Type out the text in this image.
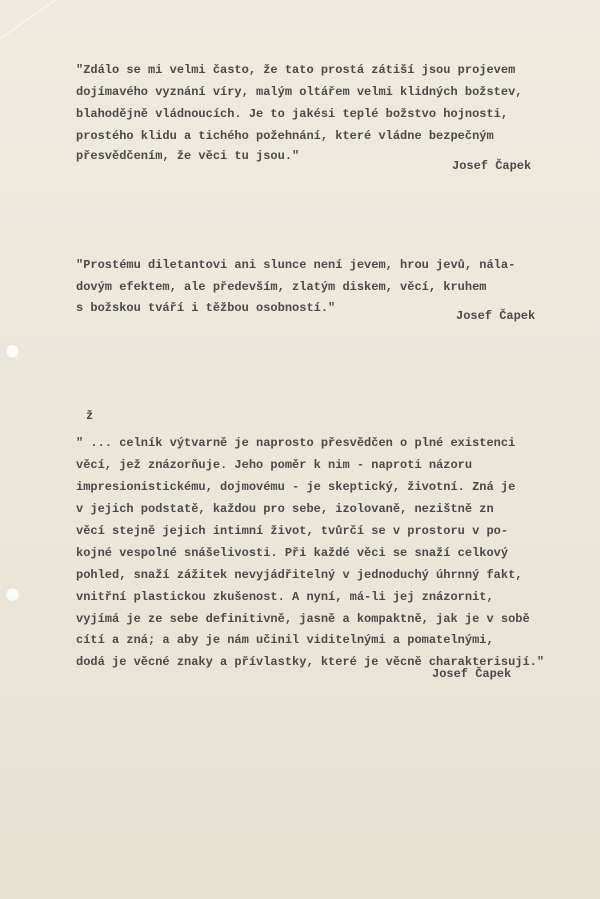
"Zdálo se mi velmi často, že tato prostá zátiší jsou projevem
dojímavého vyznání víry, malým oltářem velmi klidných božstev,
blahodějně vládnoucích. Je to jakési teplé božstvo hojnosti,
prostého klidu a tichého požehnání, které vládne bezpečným
přesvědčením, že věci tu jsou."
Josef Čapek
"Prostému diletantovi ani slunce není jevem, hrou jevů, nála-
dovým efektem, ale především, zlatým diskem, věcí, kruhem
s božskou tváří i těžbou osobností."
Josef Čapek
ž
" ... celník výtvarně je naprosto přesvědčen o plné existenci
věcí, jež znázorňuje. Jeho poměr k nim - naproti názoru
impresionistickému, dojmovému - je skeptický, životní. Zná je
v jejich podstatě, každou pro sebe, izolovaně, nezištně zn
věcí stejně jejich intimní život, tvůrčí se v prostoru v po-
kojné vespolné snášelivosti. Při každé věci se snaží celkový
pohled, snaží zážitek nevyjádřitelný v jednoduchý úhrnný fakt,
vnitřní plastickou zkušenost. A nyní, má-li jej znázornit,
vyjímá je ze sebe definitivně, jasně a kompaktně, jak je v sobě
cítí a zná; a aby je nám učinil viditelnými a pomatelnými,
dodá je věcné znaky a přívlastky, které je věcně charakterisují."
Josef Čapek
